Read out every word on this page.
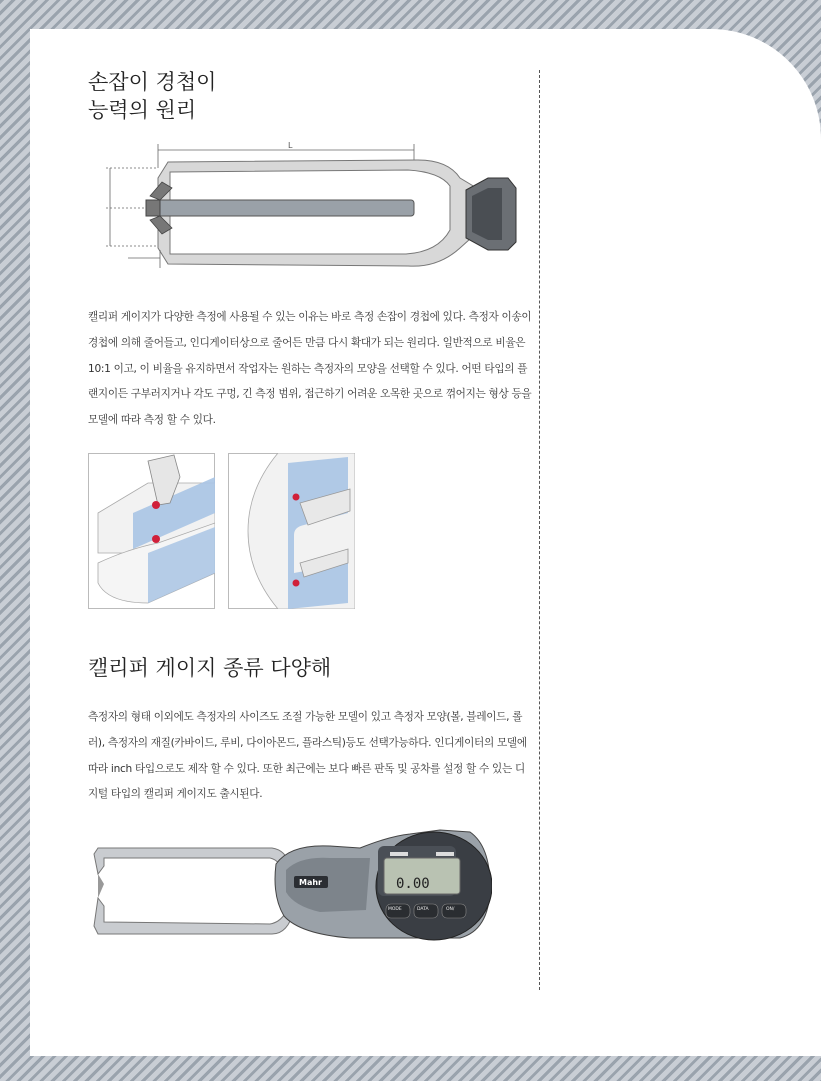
손잡이 경첩이
능력의 원리
L

캘리퍼 게이지가 다양한 측정에 사용될 수 있는 이유는 바로 측정 손잡이 경첩에 있다. 측정자 이송이 경첩에 의해 줄어들고, 인디게이터상으로 줄어든 만큼 다시 확대가 되는 원리다. 일반적으로 비율은 10:1 이고, 이 비율을 유지하면서 작업자는 원하는 측정자의 모양을 선택할 수 있다. 어떤 타입의 플랜지이든 구부러지거나 각도 구멍, 긴 측정 범위, 접근하기 어려운 오목한 곳으로 꺾어지는 형상 등을 모델에 따라 측정 할 수 있다.

캘리퍼 게이지 종류 다양해

측정자의 형태 이외에도 측정자의 사이즈도 조절 가능한 모델이 있고 측정자 모양(볼, 블레이드, 롤러), 측정자의 재질(카바이드, 루비, 다이아몬드, 플라스틱)등도 선택가능하다. 인디게이터의 모델에 따라 inch 타입으로도 제작 할 수 있다. 또한 최근에는 보다 빠른 판독 및 공차를 설정 할 수 있는 디지털 타입의 캘리퍼 게이지도 출시된다.

Mahr	0.00
MODE	DATA	ON/
